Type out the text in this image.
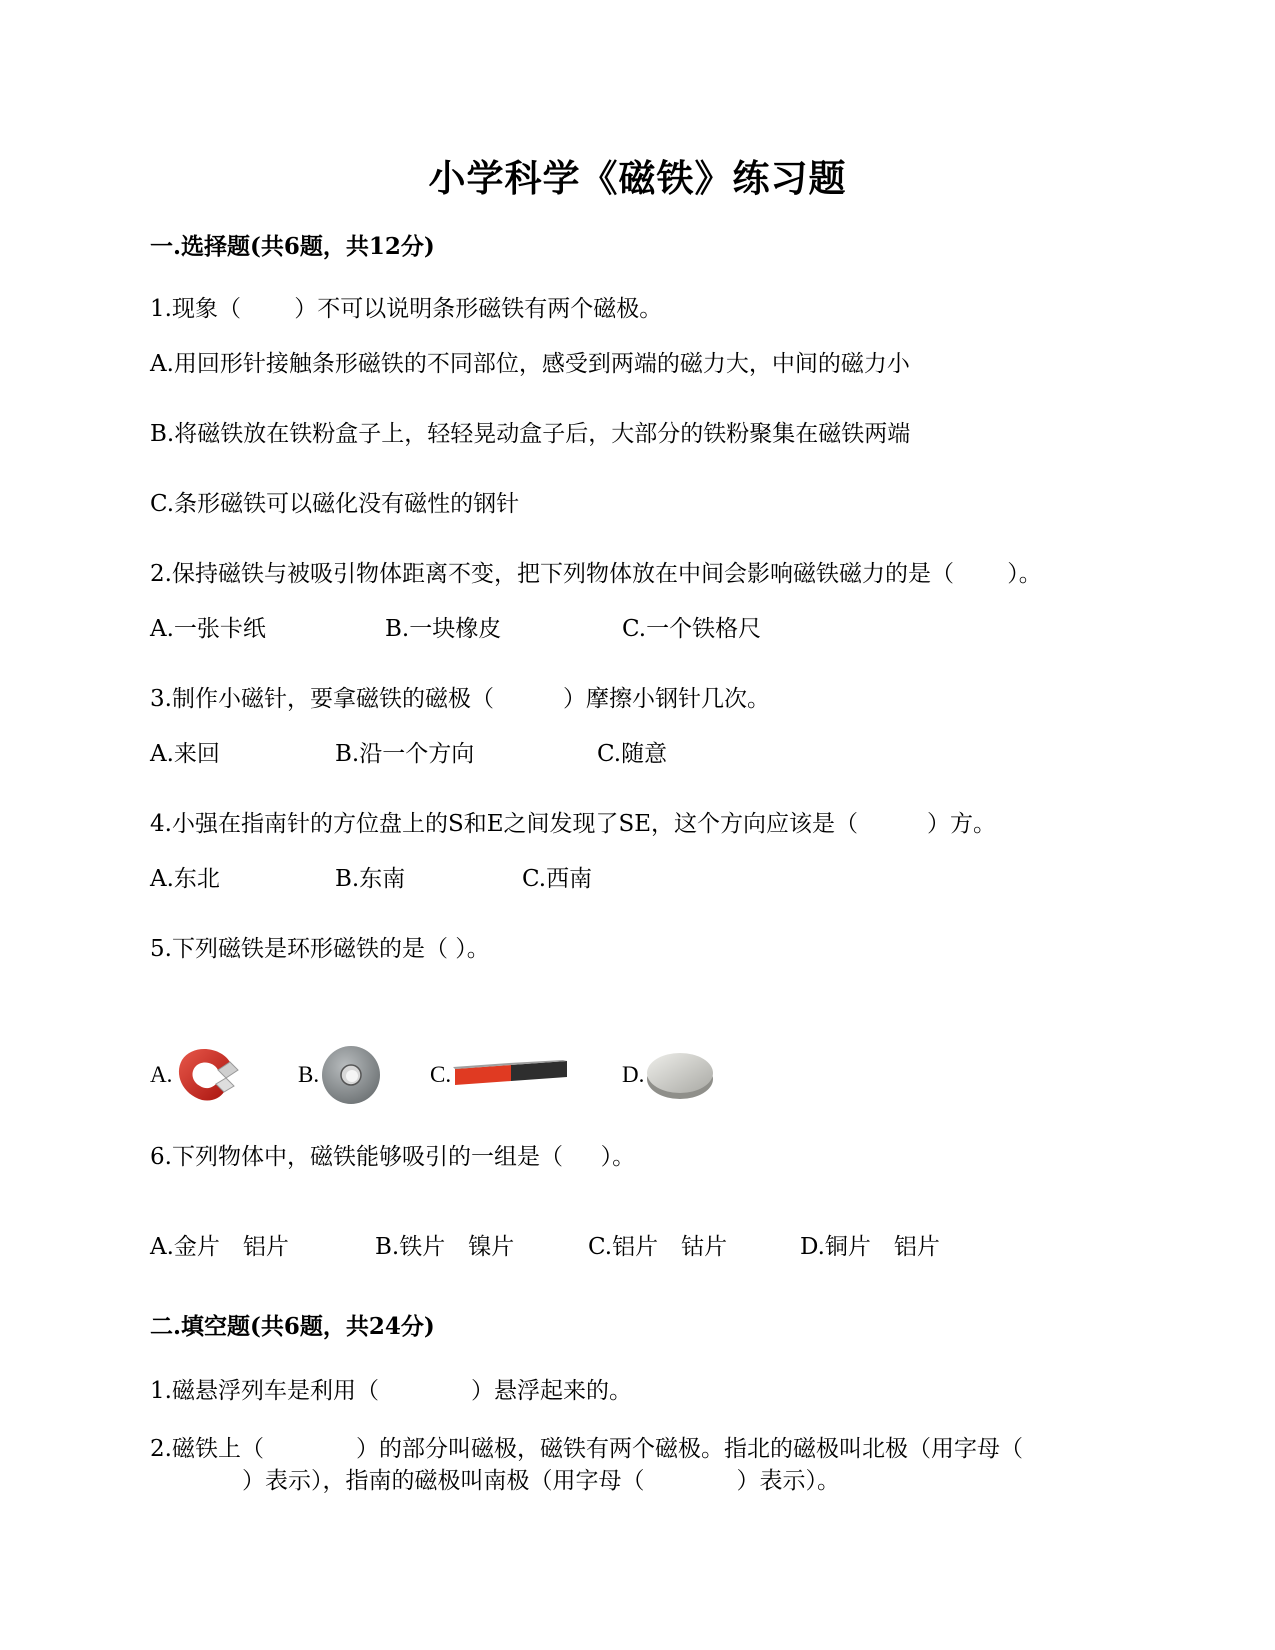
小学科学《磁铁》练习题
一.选择题(共6题，共12分)
1.现象（ 　　）不可以说明条形磁铁有两个磁极。
A.用回形针接触条形磁铁的不同部位，感受到两端的磁力大，中间的磁力小
B.将磁铁放在铁粉盒子上，轻轻晃动盒子后，大部分的铁粉聚集在磁铁两端
C.条形磁铁可以磁化没有磁性的钢针
2.保持磁铁与被吸引物体距离不变，把下列物体放在中间会影响磁铁磁力的是（　　 ）。
A.一张卡纸	B.一块橡皮	C.一个铁格尺
3.制作小磁针，要拿磁铁的磁极（　　　）摩擦小钢针几次。
A.来回	B.沿一个方向	C.随意
4.小强在指南针的方位盘上的S和E之间发现了SE，这个方向应该是（　　　）方。
A.东北	B.东南	C.西南
5.下列磁铁是环形磁铁的是（ ）。
A.	B.	C.	D.
6.下列物体中，磁铁能够吸引的一组是（ 　 ）。
A.金片　铝片	B.铁片　镍片	C.铝片　钴片	D.铜片　铝片
二.填空题(共6题，共24分)
1.磁悬浮列车是利用（　　　　）悬浮起来的。
2.磁铁上（　　　　）的部分叫磁极，磁铁有两个磁极。指北的磁极叫北极（用字母（
　　　　）表示），指南的磁极叫南极（用字母（　　　　）表示）。
